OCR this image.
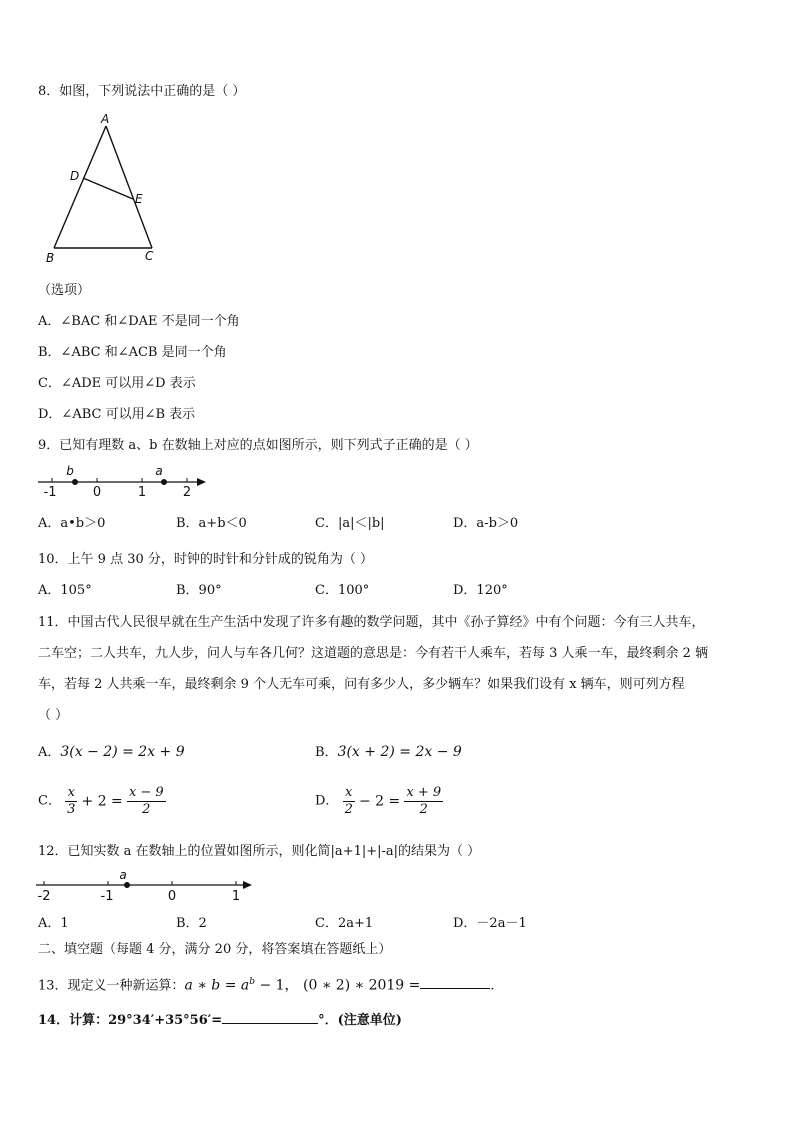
8．如图，下列说法中正确的是（ ）
A
D
E
B	C
（选项）
A．∠BAC 和∠DAE 不是同一个角
B．∠ABC 和∠ACB 是同一个角
C．∠ADE 可以用∠D 表示
D．∠ABC 可以用∠B 表示
9．已知有理数 a、b 在数轴上对应的点如图所示，则下列式子正确的是（ ）
-1	0	1	2
b	a
A．a•b＞0	B．a+b＜0	C．|a|＜|b|	D．a-b＞0
10．上午 9 点 30 分，时钟的时针和分针成的锐角为（ ）
A．105°	B．90°	C．100°	D．120°
11．中国古代人民很早就在生产生活中发现了许多有趣的数学问题，其中《孙子算经》中有个问题：今有三人共车，
二车空；二人共车，九人步，问人与车各几何？这道题的意思是：今有若干人乘车，若每 3 人乘一车，最终剩余 2 辆
车，若每 2 人共乘一车，最终剩余 9 个人无车可乘，问有多少人，多少辆车？如果我们设有 x 辆车，则可列方程
（ ）
A．3(x − 2) = 2x + 9	B．3(x + 2) = 2x − 9
C． $\frac{x}{3} + 2 = \frac{x - 9}{2}$	D． $\frac{x}{2} - 2 = \frac{x + 9}{2}$
12．已知实数 a 在数轴上的位置如图所示，则化简|a+1|+|-a|的结果为（ ）
-2	-1	0	1
a
A．1	B．2	C．2a+1	D．－2a－1
二、填空题（每题 4 分，满分 20 分，将答案填在答题纸上）
13．现定义一种新运算：a ∗ $b = a^b - 1$， (0 ∗ 2) ∗ 2019 =	.
14．计算：29°34′+35°56′=	°．(注意单位)
